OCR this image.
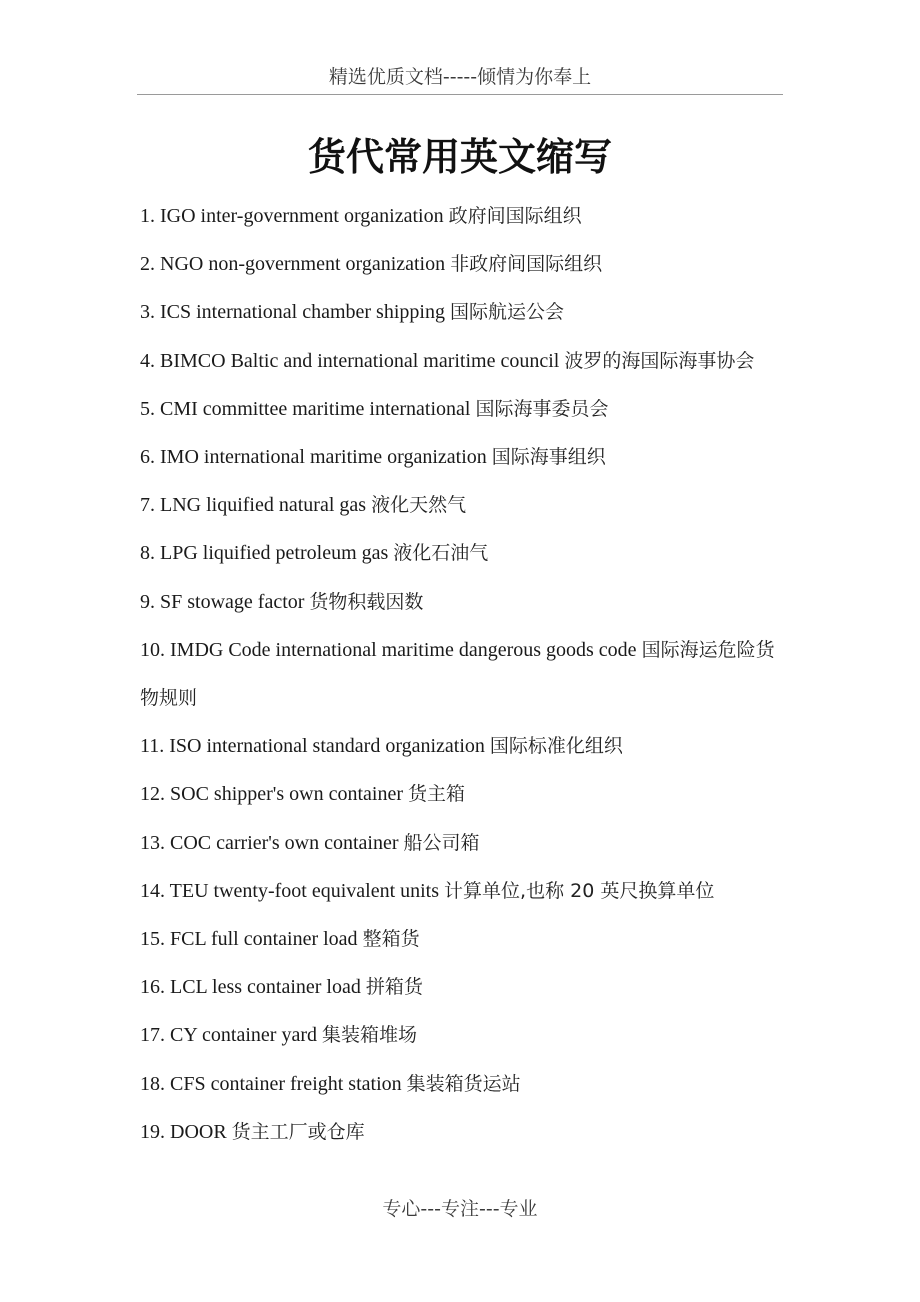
精选优质文档-----倾情为你奉上
货代常用英文缩写
1. IGO inter-government organization 政府间国际组织
2. NGO non-government organization 非政府间国际组织
3. ICS international chamber shipping 国际航运公会
4. BIMCO Baltic and international maritime council 波罗的海国际海事协会
5. CMI committee maritime international 国际海事委员会
6. IMO international maritime organization 国际海事组织
7. LNG liquified natural gas 液化天然气
8. LPG liquified petroleum gas 液化石油气
9. SF stowage factor 货物积载因数
10. IMDG Code international maritime dangerous goods code 国际海运危险货物规则
11. ISO international standard organization 国际标准化组织
12. SOC shipper's own container 货主箱
13. COC carrier's own container 船公司箱
14. TEU twenty-foot equivalent units 计算单位,也称 20 英尺换算单位
15. FCL full container load 整箱货
16. LCL less container load 拼箱货
17. CY container yard 集装箱堆场
18. CFS container freight station 集装箱货运站
19. DOOR 货主工厂或仓库
专心---专注---专业
